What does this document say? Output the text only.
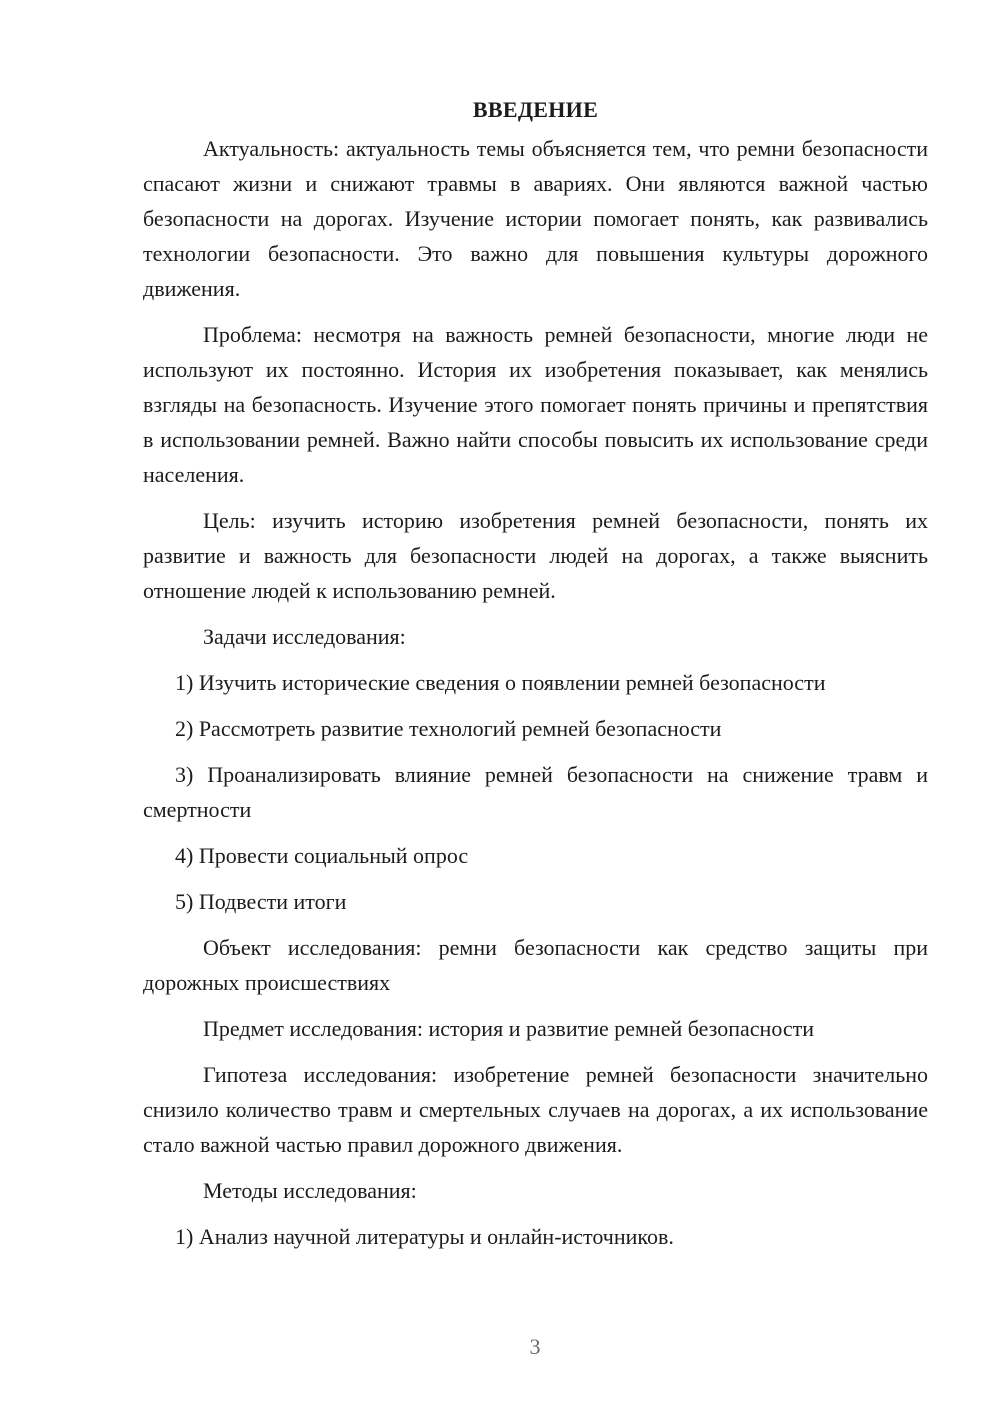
ВВЕДЕНИЕ

Актуальность: актуальность темы объясняется тем, что ремни безопасности спасают жизни и снижают травмы в авариях. Они являются важной частью безопасности на дорогах. Изучение истории помогает понять, как развивались технологии безопасности. Это важно для повышения культуры дорожного движения.

Проблема: несмотря на важность ремней безопасности, многие люди не используют их постоянно. История их изобретения показывает, как менялись взгляды на безопасность. Изучение этого помогает понять причины и препятствия в использовании ремней. Важно найти способы повысить их использование среди населения.

Цель: изучить историю изобретения ремней безопасности, понять их развитие и важность для безопасности людей на дорогах, а также выяснить отношение людей к использованию ремней.

Задачи исследования:

1) Изучить исторические сведения о появлении ремней безопасности

2) Рассмотреть развитие технологий ремней безопасности

3) Проанализировать влияние ремней безопасности на снижение травм и смертности

4) Провести социальный опрос

5) Подвести итоги

Объект исследования: ремни безопасности как средство защиты при дорожных происшествиях

Предмет исследования: история и развитие ремней безопасности

Гипотеза исследования: изобретение ремней безопасности значительно снизило количество травм и смертельных случаев на дорогах, а их использование стало важной частью правил дорожного движения.

Методы исследования:

1) Анализ научной литературы и онлайн-источников.

3
